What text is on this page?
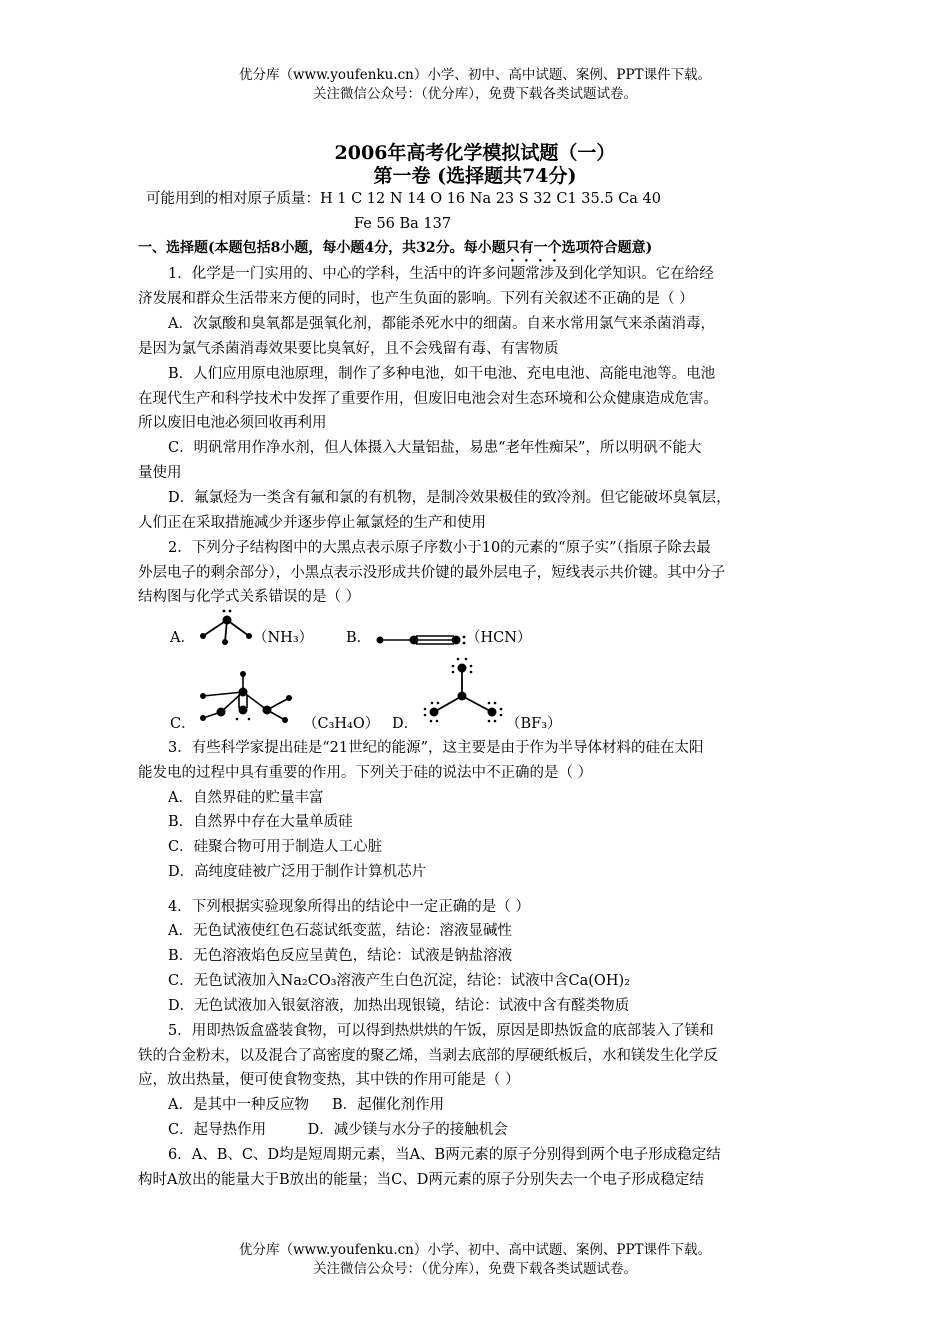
优分库（www.youfenku.cn）小学、初中、高中试题、案例、PPT课件下载。
关注微信公众号：（优分库），免费下载各类试题试卷。
2006年高考化学模拟试题（一）
第一卷 (选择题共74分)
可能用到的相对原子质量：H 1 C 12 N 14 O 16 Na 23 S 32 C1 35.5 Ca 40
Fe 56 Ba 137
一、选择题(本题包括8小题，每小题4分，共32分。每小题只有一个选项符合题意)
1．化学是一门实用的、中心的学科，生活中的许多问题常涉及到化学知识。它在给经
济发展和群众生活带来方便的同时，也产生负面的影响。下列有关叙述不正确的是（ ）
A．次氯酸和臭氧都是强氧化剂，都能杀死水中的细菌。自来水常用氯气来杀菌消毒，
是因为氯气杀菌消毒效果要比臭氧好，且不会残留有毒、有害物质
B．人们应用原电池原理，制作了多种电池，如干电池、充电电池、高能电池等。电池
在现代生产和科学技术中发挥了重要作用，但废旧电池会对生态环境和公众健康造成危害。
所以废旧电池必须回收再利用
C．明矾常用作净水剂，但人体摄入大量铝盐，易患“老年性痴呆”，所以明矾不能大
量使用
D．氟氯烃为一类含有氟和氯的有机物，是制冷效果极佳的致冷剂。但它能破坏臭氧层，
人们正在采取措施减少并逐步停止氟氯烃的生产和使用
2．下列分子结构图中的大黑点表示原子序数小于10的元素的“原子实”（指原子除去最
外层电子的剩余部分），小黑点表示没形成共价键的最外层电子，短线表示共价键。其中分子
结构图与化学式关系错误的是（ ）
A．	（NH₃） B．	（HCN）
C．	（C₃H₄O） D．	（BF₃）
3．有些科学家提出硅是“21世纪的能源”，这主要是由于作为半导体材料的硅在太阳
能发电的过程中具有重要的作用。下列关于硅的说法中不正确的是（ ）
A．自然界硅的贮量丰富
B．自然界中存在大量单质硅
C．硅聚合物可用于制造人工心脏
D．高纯度硅被广泛用于制作计算机芯片
4．下列根据实验现象所得出的结论中一定正确的是（ ）
A．无色试液使红色石蕊试纸变蓝，结论：溶液显碱性
B．无色溶液焰色反应呈黄色，结论：试液是钠盐溶液
C．无色试液加入Na₂CO₃溶液产生白色沉淀，结论：试液中含Ca(OH)₂
D．无色试液加入银氨溶液，加热出现银镜，结论：试液中含有醛类物质
5．用即热饭盒盛装食物，可以得到热烘烘的午饭，原因是即热饭盒的底部装入了镁和
铁的合金粉末，以及混合了高密度的聚乙烯，当剥去底部的厚硬纸板后，水和镁发生化学反
应，放出热量，便可使食物变热，其中铁的作用可能是（ ）
A．是其中一种反应物     B．起催化剂作用
C．起导热作用         D．减少镁与水分子的接触机会
6．A、B、C、D均是短周期元素，当A、B两元素的原子分别得到两个电子形成稳定结
构时A放出的能量大于B放出的能量；当C、D两元素的原子分别失去一个电子形成稳定结
优分库（www.youfenku.cn）小学、初中、高中试题、案例、PPT课件下载。
关注微信公众号：（优分库），免费下载各类试题试卷。
